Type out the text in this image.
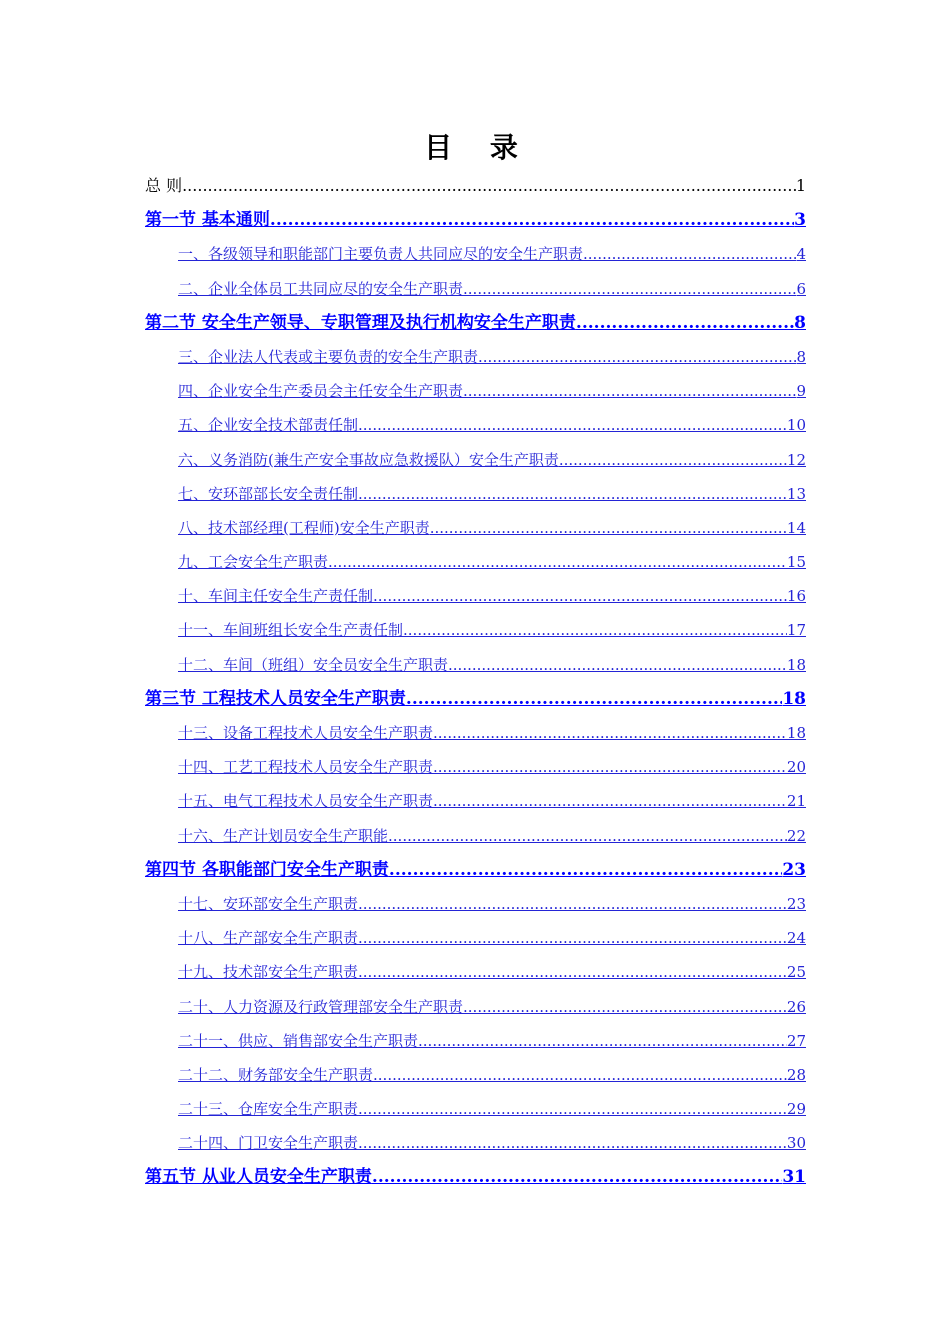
目 录
总 则 .....	1
第一节 基本通则 .....	3
一、各级领导和职能部门主要负责人共同应尽的安全生产职责 .....	4
二、企业全体员工共同应尽的安全生产职责 .....	6
第二节 安全生产领导、专职管理及执行机构安全生产职责 .....	8
三、企业法人代表或主要负责的安全生产职责 .....	8
四、企业安全生产委员会主任安全生产职责 .....	9
五、企业安全技术部责任制 .....	10
六、义务消防(兼生产安全事故应急救援队）安全生产职责 .....	12
七、安环部部长安全责任制 .....	13
八、技术部经理(工程师)安全生产职责 .....	14
九、工会安全生产职责 .....	15
十、车间主任安全生产责任制 .....	16
十一、车间班组长安全生产责任制 .....	17
十二、车间（班组）安全员安全生产职责 .....	18
第三节 工程技术人员安全生产职责 .....	18
十三、设备工程技术人员安全生产职责 .....	18
十四、工艺工程技术人员安全生产职责 .....	20
十五、电气工程技术人员安全生产职责 .....	21
十六、生产计划员安全生产职能 .....	22
第四节 各职能部门安全生产职责 .....	23
十七、安环部安全生产职责 .....	23
十八、生产部安全生产职责 .....	24
十九、技术部安全生产职责 .....	25
二十、人力资源及行政管理部安全生产职责 .....	26
二十一、供应、销售部安全生产职责 .....	27
二十二、财务部安全生产职责 .....	28
二十三、仓库安全生产职责 .....	29
二十四、门卫安全生产职责 .....	30
第五节 从业人员安全生产职责 .....	31
